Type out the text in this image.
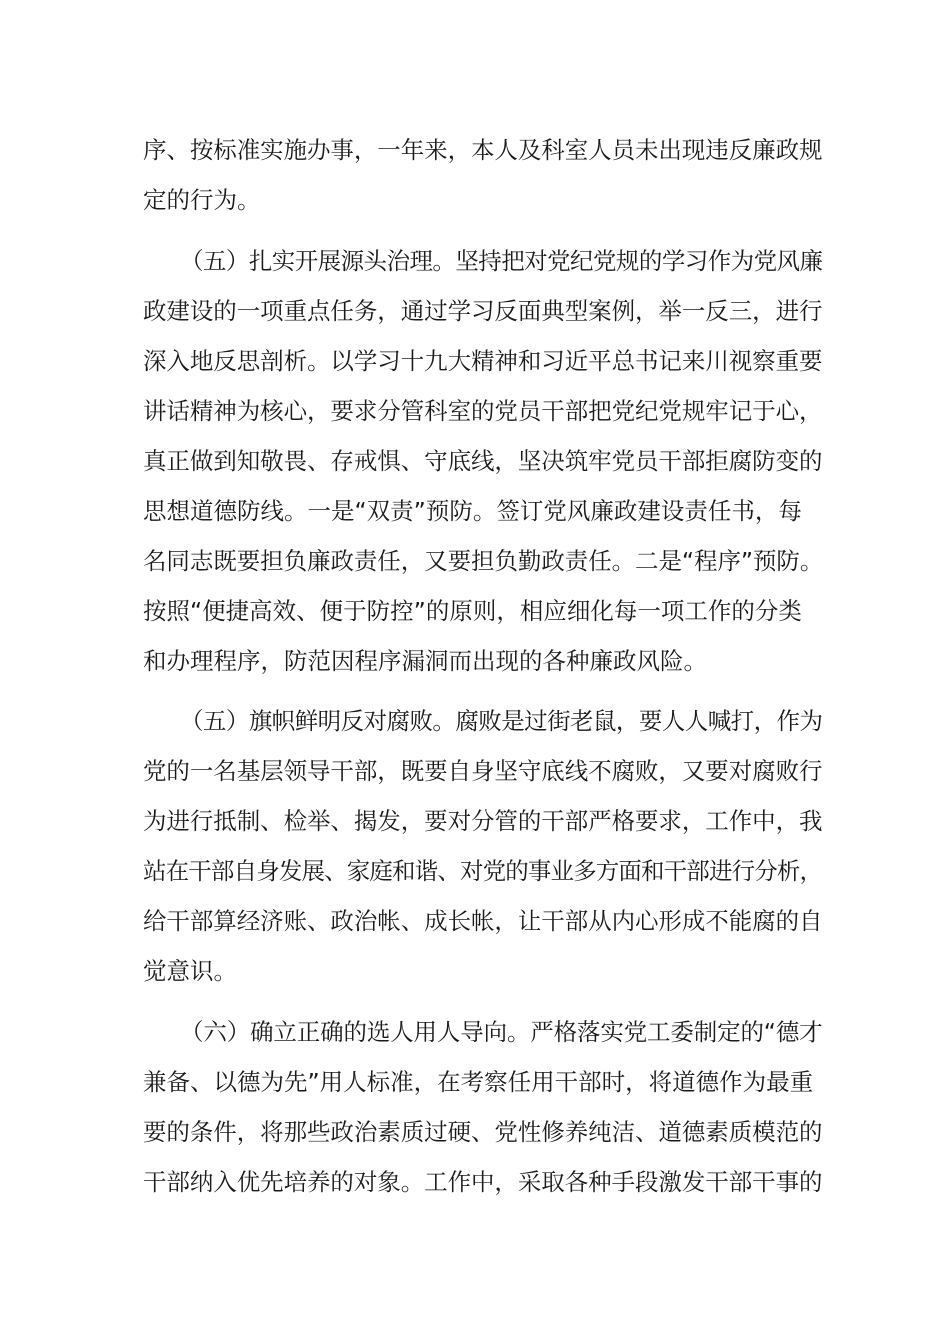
序、按标准实施办事，一年来，本人及科室人员未出现违反廉政规
定的行为。
（五）扎实开展源头治理。坚持把对党纪党规的学习作为党风廉
政建设的一项重点任务，通过学习反面典型案例，举一反三，进行
深入地反思剖析。以学习十九大精神和习近平总书记来川视察重要
讲话精神为核心，要求分管科室的党员干部把党纪党规牢记于心，
真正做到知敬畏、存戒惧、守底线，坚决筑牢党员干部拒腐防变的
思想道德防线。一是“双责”预防。签订党风廉政建设责任书，每
名同志既要担负廉政责任，又要担负勤政责任。二是“程序”预防。
按照“便捷高效、便于防控”的原则，相应细化每一项工作的分类
和办理程序，防范因程序漏洞而出现的各种廉政风险。
（五）旗帜鲜明反对腐败。腐败是过街老鼠，要人人喊打，作为
党的一名基层领导干部，既要自身坚守底线不腐败，又要对腐败行
为进行抵制、检举、揭发，要对分管的干部严格要求，工作中，我
站在干部自身发展、家庭和谐、对党的事业多方面和干部进行分析，
给干部算经济账、政治帐、成长帐，让干部从内心形成不能腐的自
觉意识。
（六）确立正确的选人用人导向。严格落实党工委制定的“德才
兼备、以德为先”用人标准，在考察任用干部时，将道德作为最重
要的条件，将那些政治素质过硬、党性修养纯洁、道德素质模范的
干部纳入优先培养的对象。工作中，采取各种手段激发干部干事的
